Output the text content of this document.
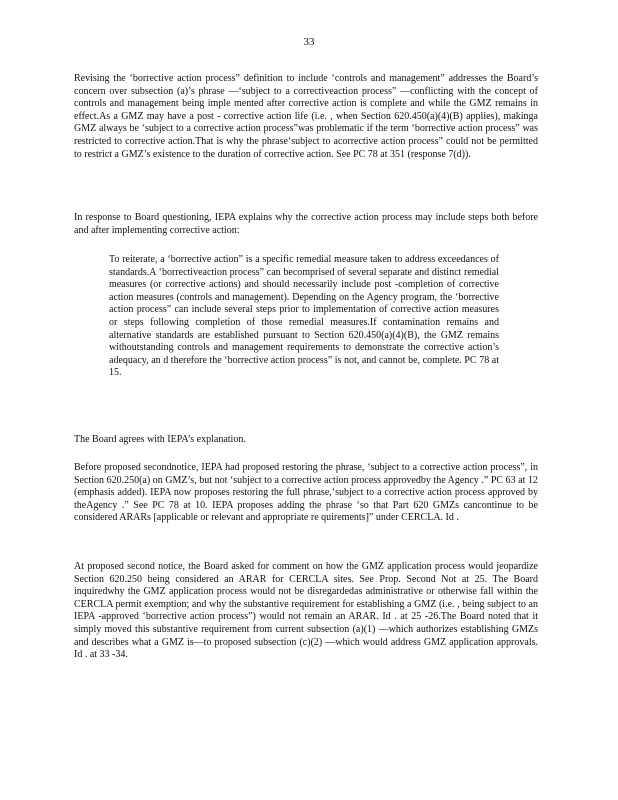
33

Revising the ‘borrective action process” definition to include ‘controls and management” addresses the Board’s concern over subsection (a)’s phrase —‘subject to a correctiveaction process” —conflicting with the concept of controls and management being imple mented after corrective action is complete and while the GMZ remains in effect.As a GMZ may have a post - corrective action life (i.e. , when Section 620.450(a)(4)(B) applies), makinga GMZ always be ‘subject to a corrective action process”was problematic if the term ‘borrective action process” was restricted to corrective action.That is why the phrase‘subject to acorrective action process” could not be permitted to restrict a GMZ’s existence to the duration of corrective action. See PC 78 at 351 (response 7(d)).

In response to Board questioning, IEPA explains why the corrective action process may include steps both before and after implementing corrective action:

To reiterate, a ‘borrective action” is a specific remedial measure taken to address exceedances of standards.A ‘borrectiveaction process” can becomprised of several separate and distinct remedial measures (or corrective actions) and should necessarily include post -completion of corrective action measures (controls and management). Depending on the Agency program, the ‘borrective action process” can include several steps prior to implementation of corrective action measures or steps following completion of those remedial measures.If contamination remains and alternative standards are established pursuant to Section 620.450(a)(4)(B), the GMZ remains withoutstanding controls and management requirements to demonstrate the corrective action’s adequacy, an d therefore the ‘borrective action process” is not, and cannot be, complete. PC 78 at 15.

The Board agrees with IEPA’s explanation.

Before proposed secondnotice, IEPA had proposed restoring the phrase, ‘subject to a corrective action process”, in Section 620.250(a) on GMZ’s, but not ‘subject to a corrective action process approvedby the Agency .” PC 63 at 12 (emphasis added). IEPA now proposes restoring the full phrase,‘subject to a corrective action process approved by theAgency .” See PC 78 at 10. IEPA proposes adding the phrase ‘so that Part 620 GMZs cancontinue to be considered ARARs [applicable or relevant and appropriate re quirements]” under CERCLA. Id .

At proposed second notice, the Board asked for comment on how the GMZ application process would jeopardize Section 620.250 being considered an ARAR for CERCLA sites. See Prop. Second Not at 25. The Board inquiredwhy the GMZ application process would not be disregardedas administrative or otherwise fall within the CERCLA permit exemption; and why the substantive requirement for establishing a GMZ (i.e. , being subject to an IEPA -approved ‘borrective action process”) would not remain an ARAR. Id . at 25 -26.The Board noted that it simply moved this substantive requirement from current subsection (a)(1) —which authorizes establishing GMZs and describes what a GMZ is—to proposed subsection (c)(2) —which would address GMZ application approvals. Id . at 33 -34.
